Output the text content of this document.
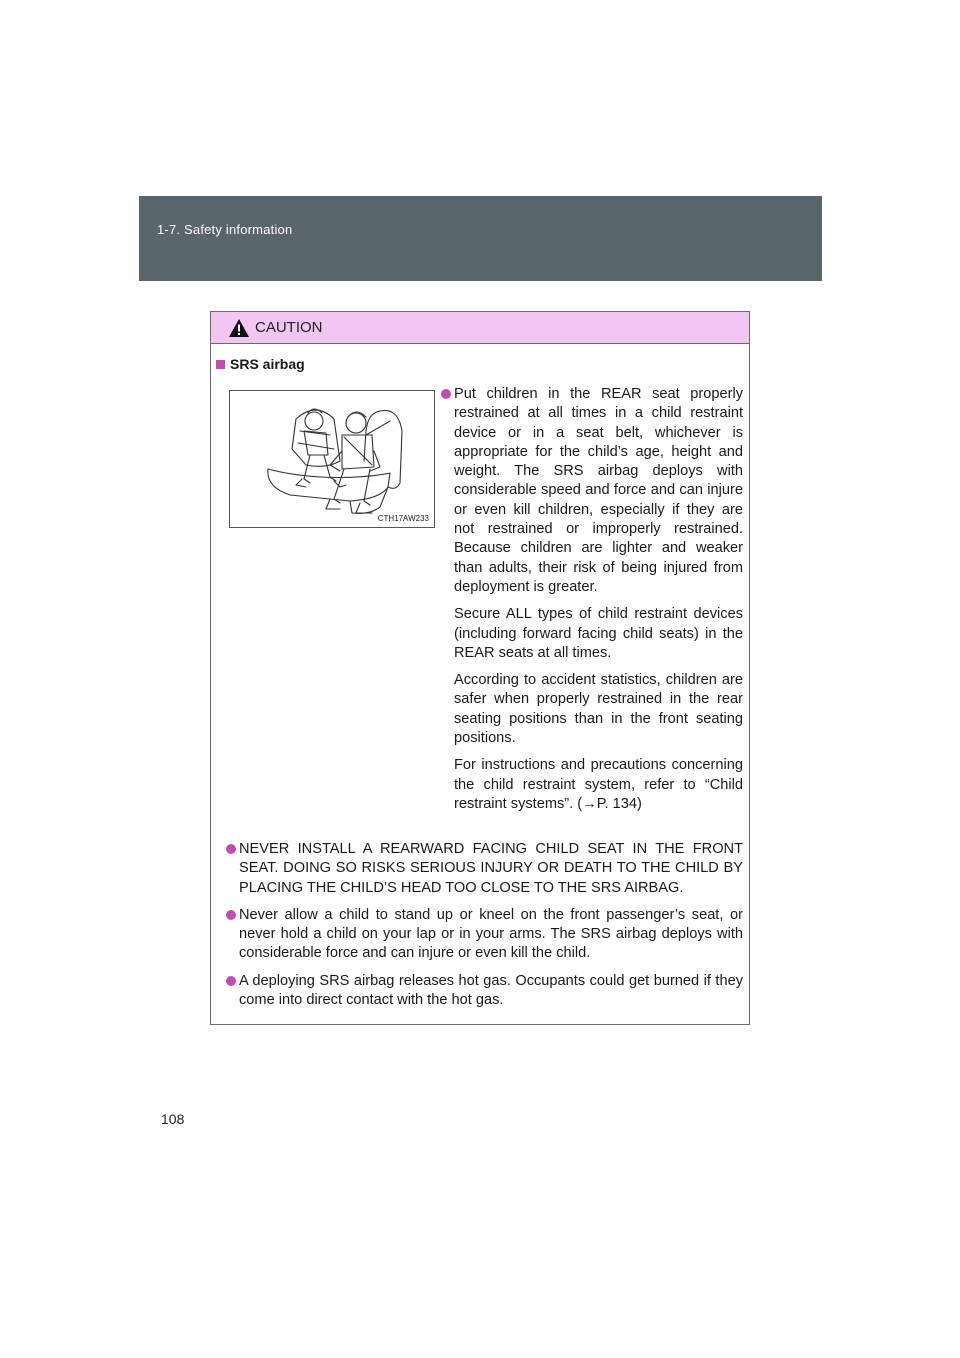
1-7. Safety information
CAUTION
SRS airbag
CTH17AW233
Put children in the REAR seat properly restrained at all times in a child restraint device or in a seat belt, whichever is appropriate for the child’s age, height and weight. The SRS airbag deploys with considerable speed and force and can injure or even kill children, especially if they are not restrained or improperly restrained. Because children are lighter and weaker than adults, their risk of being injured from deployment is greater.
Secure ALL types of child restraint devices (including forward facing child seats) in the REAR seats at all times.
According to accident statistics, children are safer when properly restrained in the rear seating positions than in the front seating positions.
For instructions and precautions concerning the child restraint system, refer to “Child restraint systems”. (→P. 134)
NEVER INSTALL A REARWARD FACING CHILD SEAT IN THE FRONT SEAT. DOING SO RISKS SERIOUS INJURY OR DEATH TO THE CHILD BY PLACING THE CHILD’S HEAD TOO CLOSE TO THE SRS AIRBAG.
Never allow a child to stand up or kneel on the front passenger’s seat, or never hold a child on your lap or in your arms. The SRS airbag deploys with considerable force and can injure or even kill the child.
A deploying SRS airbag releases hot gas. Occupants could get burned if they come into direct contact with the hot gas.
108
